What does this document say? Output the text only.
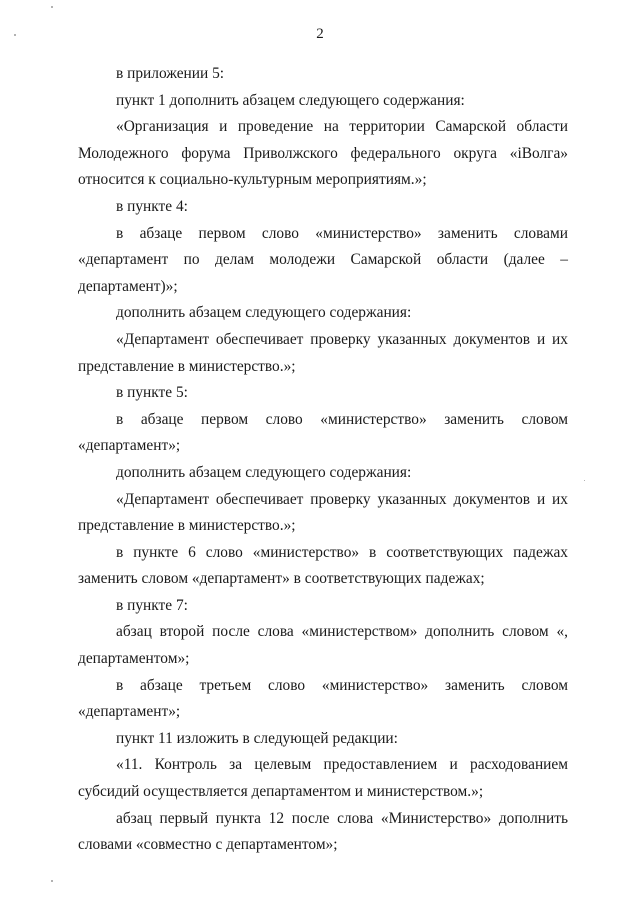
2

в приложении 5:

пункт 1 дополнить абзацем следующего содержания:

«Организация и проведение на территории Самарской области Молодежного форума Приволжского федерального округа «iВолга» относится к социально-культурным мероприятиям.»;

в пункте 4:

в абзаце первом слово «министерство» заменить словами «департамент по делам молодежи Самарской области (далее – департамент)»;

дополнить абзацем следующего содержания:

«Департамент обеспечивает проверку указанных документов и их представление в министерство.»;

в пункте 5:

в абзаце первом слово «министерство» заменить словом «департамент»;

дополнить абзацем следующего содержания:

«Департамент обеспечивает проверку указанных документов и их представление в министерство.»;

в пункте 6 слово «министерство» в соответствующих падежах заменить словом «департамент» в соответствующих падежах;

в пункте 7:

абзац второй после слова «министерством» дополнить словом «, департаментом»;

в абзаце третьем слово «министерство» заменить словом «департамент»;

пункт 11 изложить в следующей редакции:

«11. Контроль за целевым предоставлением и расходованием субсидий осуществляется департаментом и министерством.»;

абзац первый пункта 12 после слова «Министерство» дополнить словами «совместно с департаментом»;
